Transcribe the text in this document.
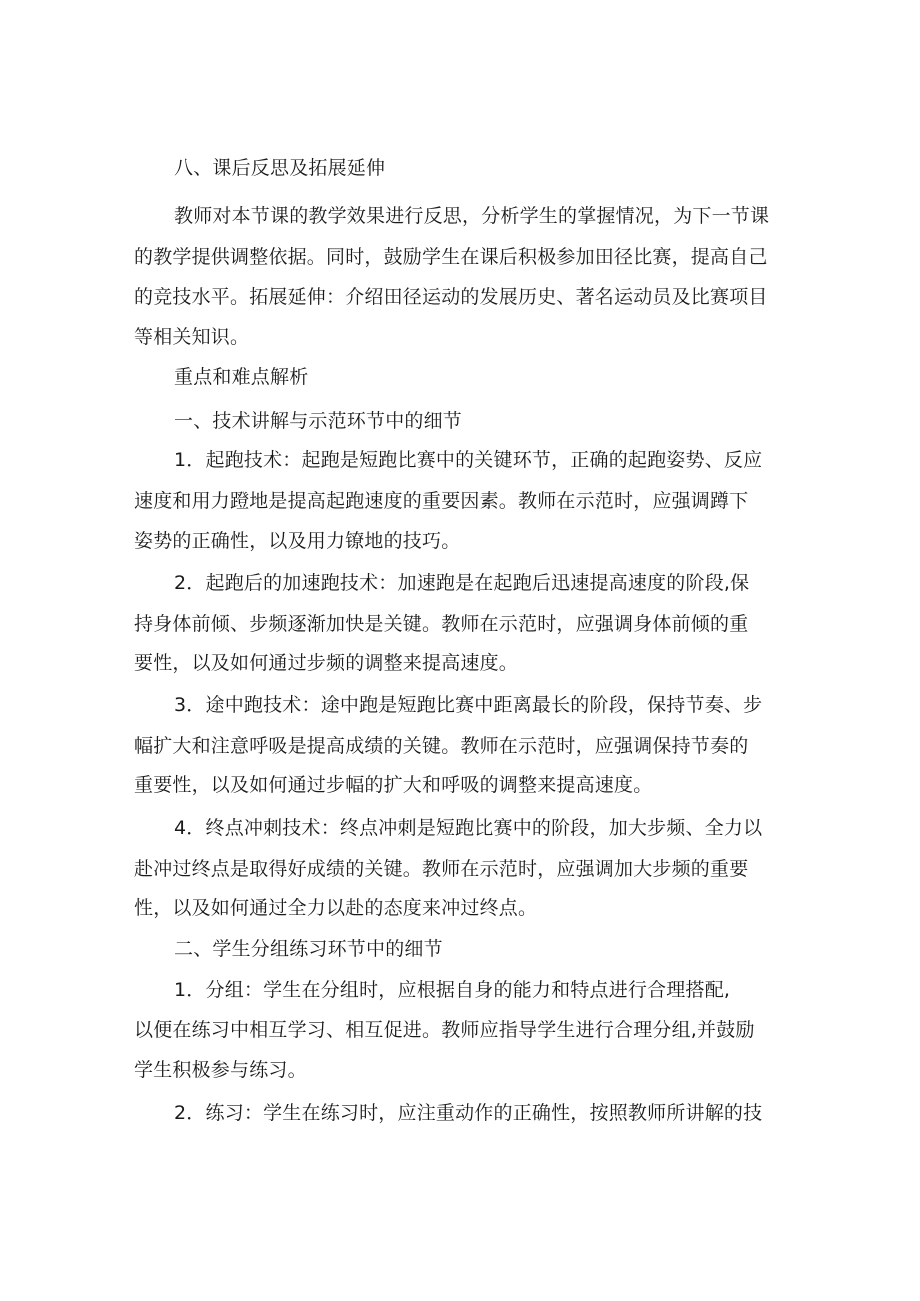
八、课后反思及拓展延伸
教师对本节课的教学效果进行反思，分析学生的掌握情况，为下一节课
的教学提供调整依据。同时，鼓励学生在课后积极参加田径比赛，提高自己
的竞技水平。拓展延伸：介绍田径运动的发展历史、著名运动员及比赛项目
等相关知识。
重点和难点解析
一、技术讲解与示范环节中的细节
1．起跑技术：起跑是短跑比赛中的关键环节，正确的起跑姿势、反应
速度和用力蹬地是提高起跑速度的重要因素。教师在示范时，应强调蹲下
姿势的正确性，以及用力镣地的技巧。
2．起跑后的加速跑技术：加速跑是在起跑后迅速提高速度的阶段,保
持身体前倾、步频逐渐加快是关键。教师在示范时，应强调身体前倾的重
要性，以及如何通过步频的调整来提高速度。
3．途中跑技术：途中跑是短跑比赛中距离最长的阶段，保持节奏、步
幅扩大和注意呼吸是提高成绩的关键。教师在示范时，应强调保持节奏的
重要性，以及如何通过步幅的扩大和呼吸的调整来提高速度。
4．终点冲刺技术：终点冲刺是短跑比赛中的阶段，加大步频、全力以
赴冲过终点是取得好成绩的关键。教师在示范时，应强调加大步频的重要
性，以及如何通过全力以赴的态度来冲过终点。
二、学生分组练习环节中的细节
1．分组：学生在分组时，应根据自身的能力和特点进行合理搭配,
以便在练习中相互学习、相互促进。教师应指导学生进行合理分组,并鼓励
学生积极参与练习。
2．练习：学生在练习时，应注重动作的正确性，按照教师所讲解的技
